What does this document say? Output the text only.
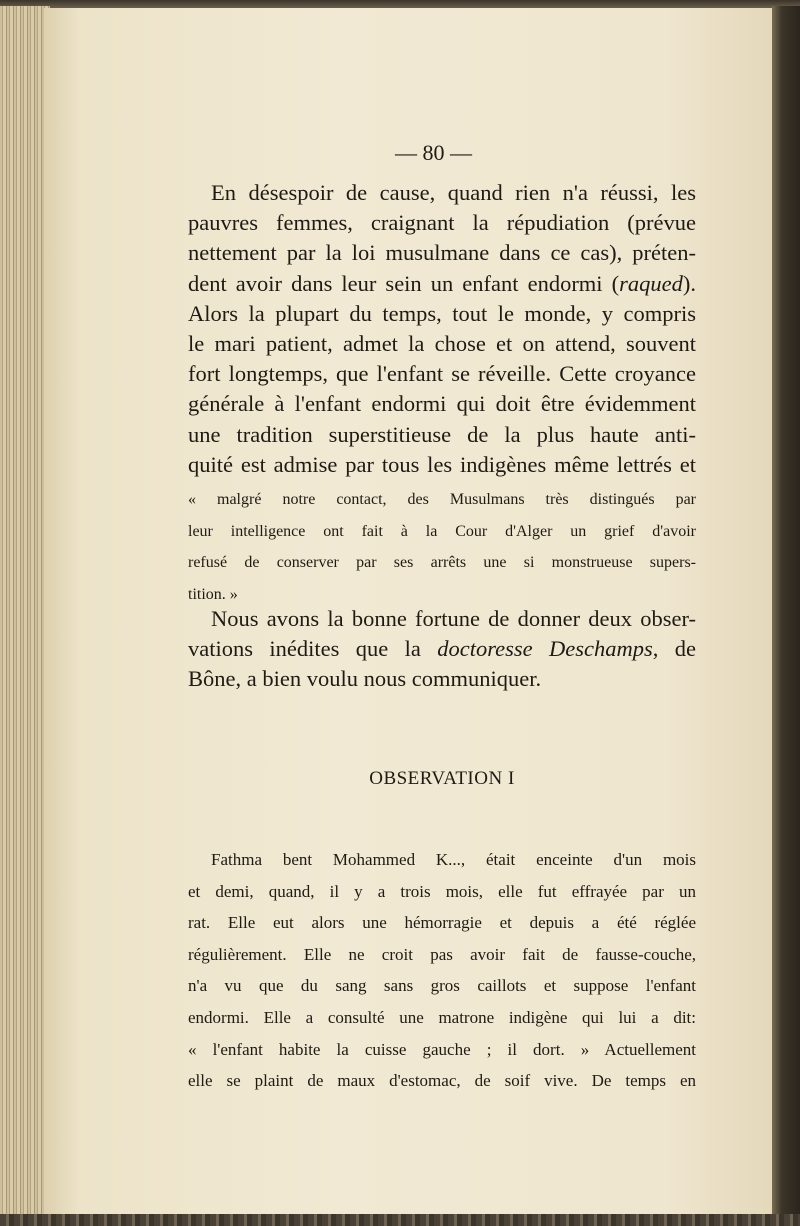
— 80 —
En désespoir de cause, quand rien n'a réussi, les
pauvres femmes, craignant la répudiation (prévue
nettement par la loi musulmane dans ce cas), préten-
dent avoir dans leur sein un enfant endormi (raqued).
Alors la plupart du temps, tout le monde, y compris
le mari patient, admet la chose et on attend, souvent
fort longtemps, que l'enfant se réveille. Cette croyance
générale à l'enfant endormi qui doit être évidemment
une tradition superstitieuse de la plus haute anti-
quité est admise par tous les indigènes même lettrés et
« malgré notre contact, des Musulmans très distingués par
leur intelligence ont fait à la Cour d'Alger un grief d'avoir
refusé de conserver par ses arrêts une si monstrueuse supers-
tition. »
Nous avons la bonne fortune de donner deux obser-
vations inédites que la doctoresse Deschamps, de
Bône, a bien voulu nous communiquer.
OBSERVATION I
Fathma bent Mohammed K..., était enceinte d'un mois
et demi, quand, il y a trois mois, elle fut effrayée par un
rat. Elle eut alors une hémorragie et depuis a été réglée
régulièrement. Elle ne croit pas avoir fait de fausse-couche,
n'a vu que du sang sans gros caillots et suppose l'enfant
endormi. Elle a consulté une matrone indigène qui lui a dit:
« l'enfant habite la cuisse gauche ; il dort. » Actuellement
elle se plaint de maux d'estomac, de soif vive. De temps en
